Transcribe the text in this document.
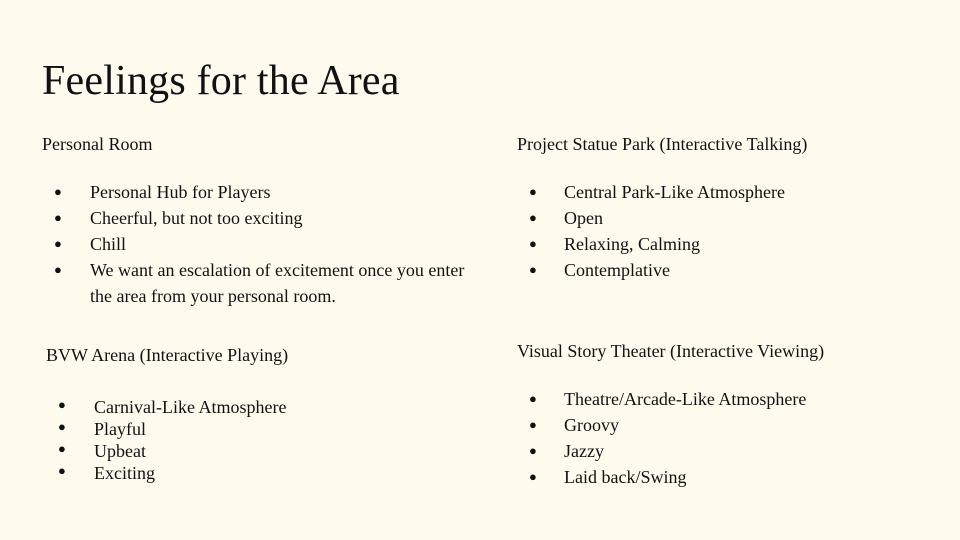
Feelings for the Area
Personal Room
● Personal Hub for Players
● Cheerful, but not too exciting
● Chill
● We want an escalation of excitement once you enter the area from your personal room.
Project Statue Park (Interactive Talking)
● Central Park-Like Atmosphere
● Open
● Relaxing, Calming
● Contemplative
BVW Arena (Interactive Playing)
● Carnival-Like Atmosphere
● Playful
● Upbeat
● Exciting
Visual Story Theater (Interactive Viewing)
● Theatre/Arcade-Like Atmosphere
● Groovy
● Jazzy
● Laid back/Swing
